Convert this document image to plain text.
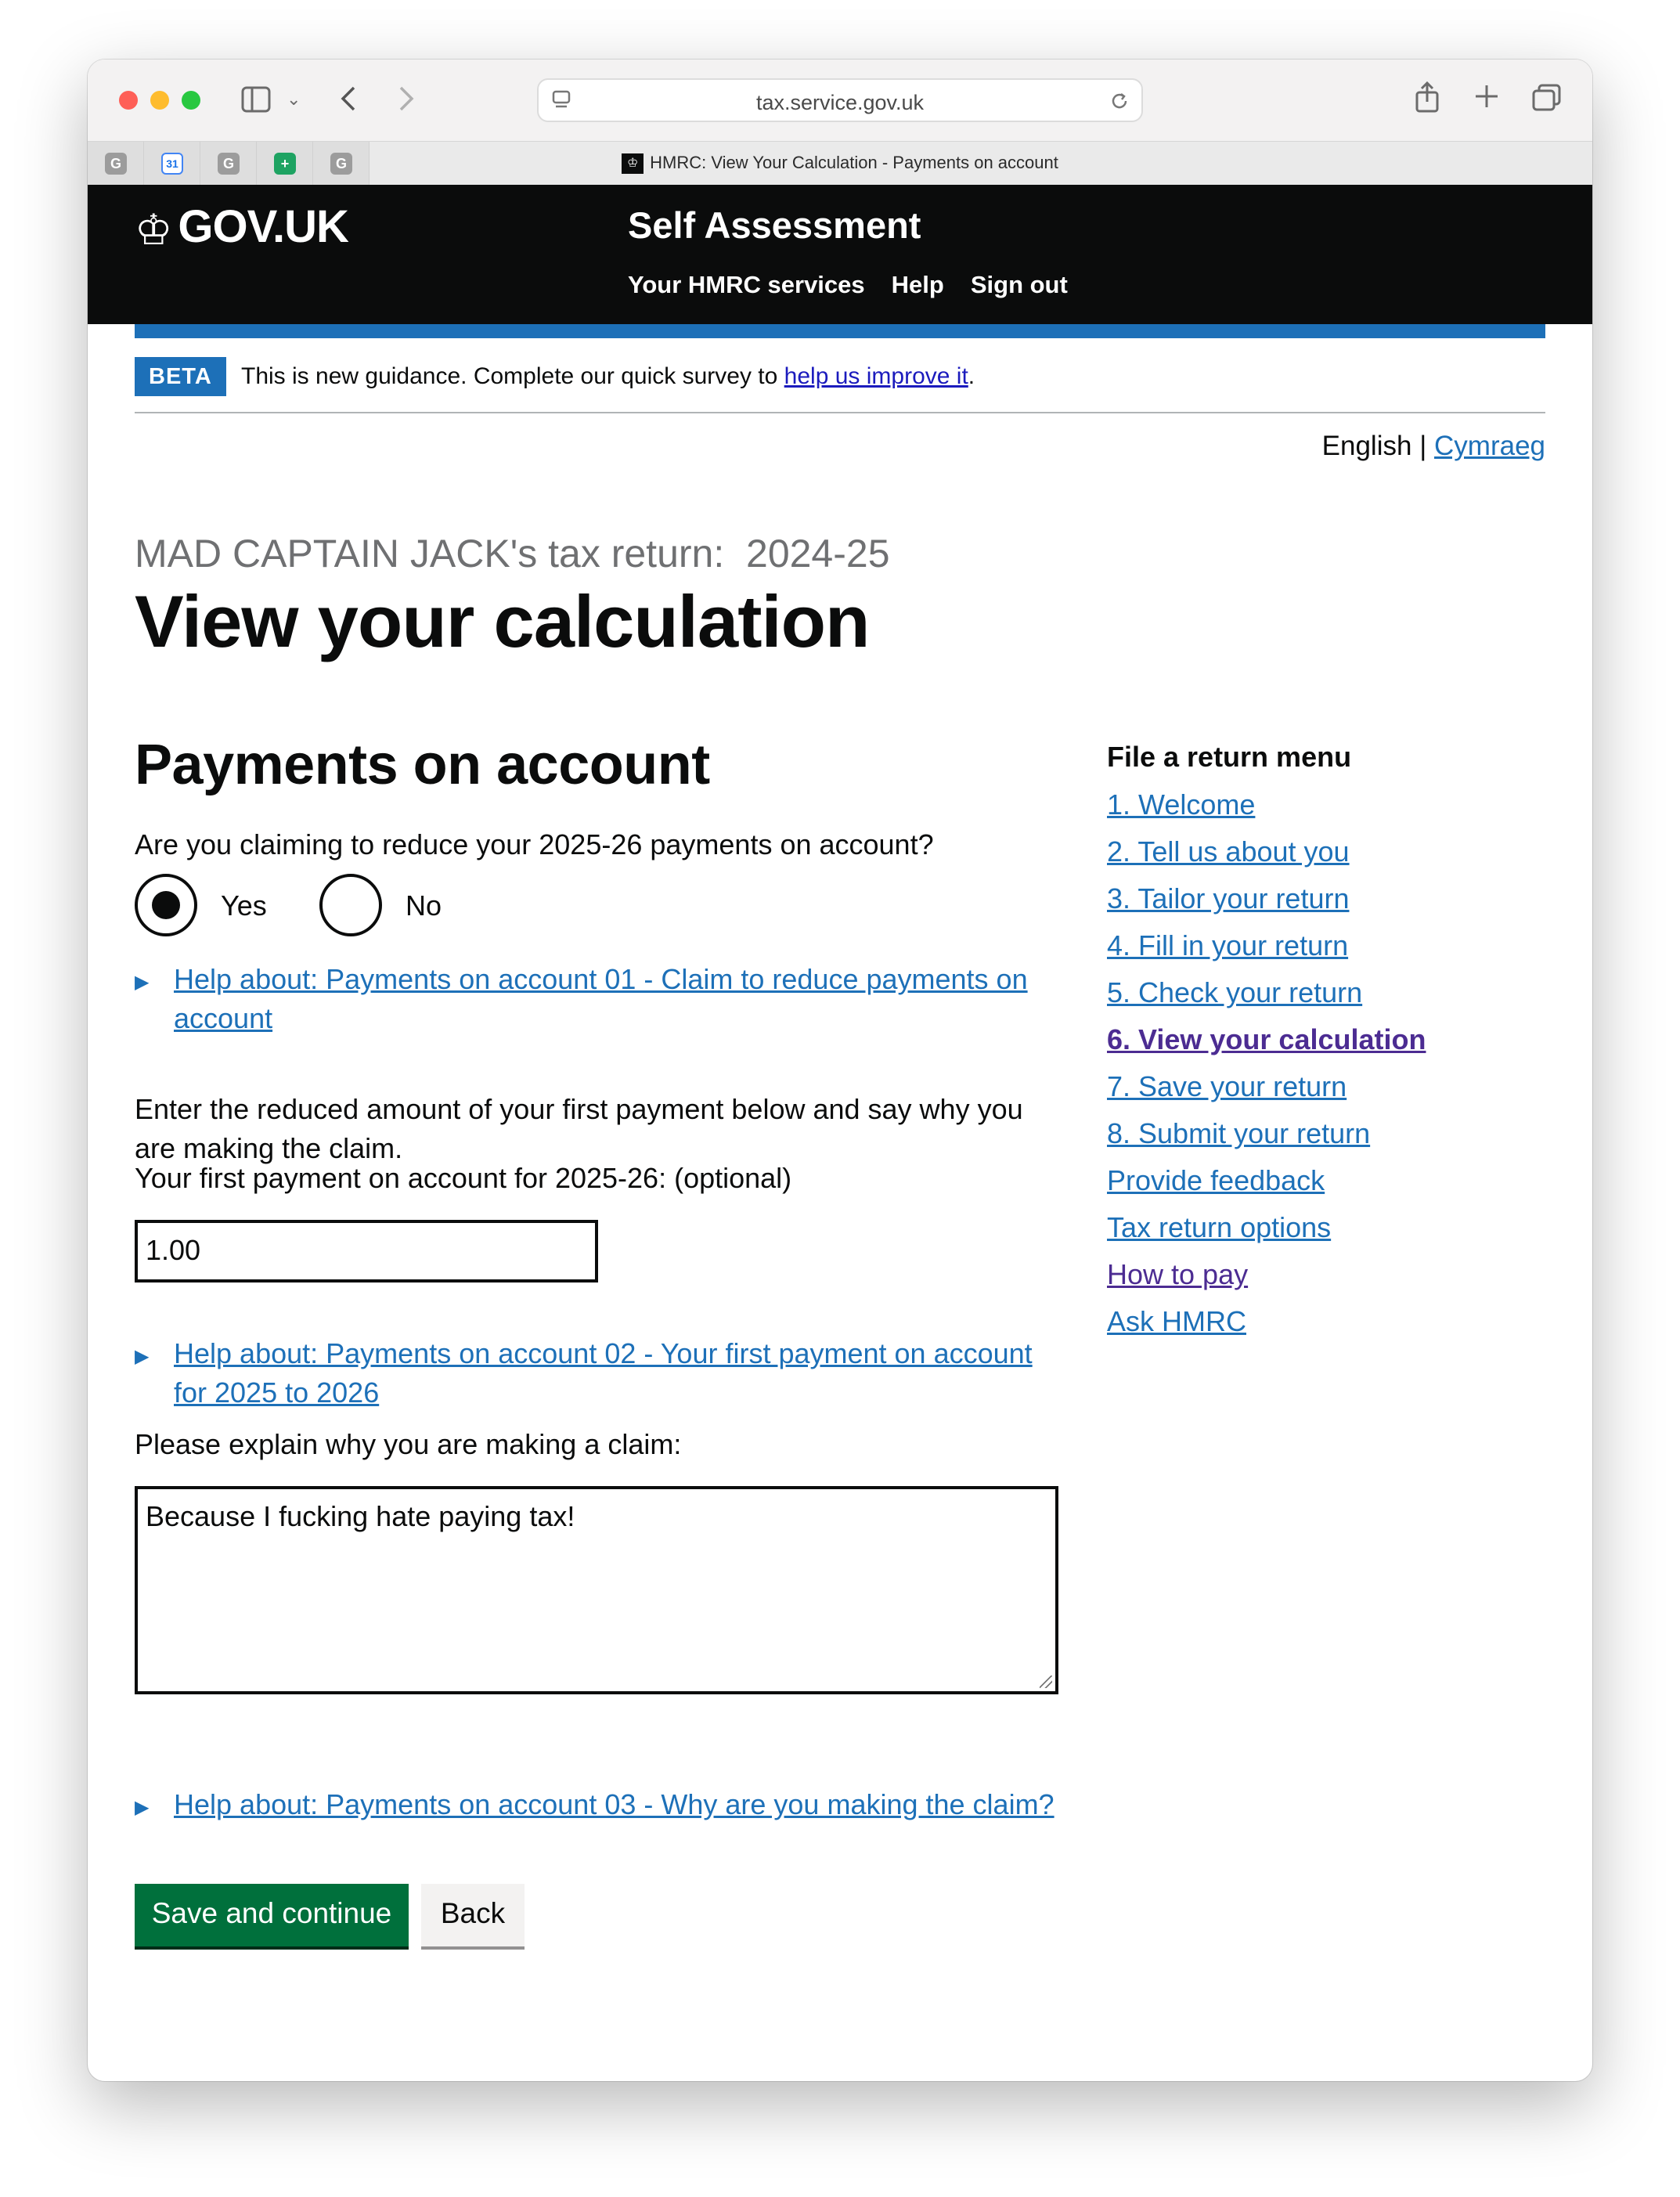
⌄	tax.service.gov.uk
G	31	G	+	G	♔ HMRC: View Your Calculation - Payments on account
♔ GOV.UK	Self Assessment
Your HMRC services Help Sign out
BETA	This is new guidance. Complete our quick survey to help us improve it.
English | Cymraeg
MAD CAPTAIN JACK's tax return:  2024-25
View your calculation
Payments on account
Are you claiming to reduce your 2025-26 payments on account?
Yes	No
▶ Help about: Payments on account 01 - Claim to reduce payments on
account
Enter the reduced amount of your first payment below and say why you
are making the claim.
Your first payment on account for 2025-26: (optional)
1.00
▶ Help about: Payments on account 02 - Your first payment on account
for 2025 to 2026
Please explain why you are making a claim:
Because I fucking hate paying tax!
▶ Help about: Payments on account 03 - Why are you making the claim?
Save and continue	Back
File a return menu
1. Welcome
2. Tell us about you
3. Tailor your return
4. Fill in your return
5. Check your return
6. View your calculation
7. Save your return
8. Submit your return
Provide feedback
Tax return options
How to pay
Ask HMRC
